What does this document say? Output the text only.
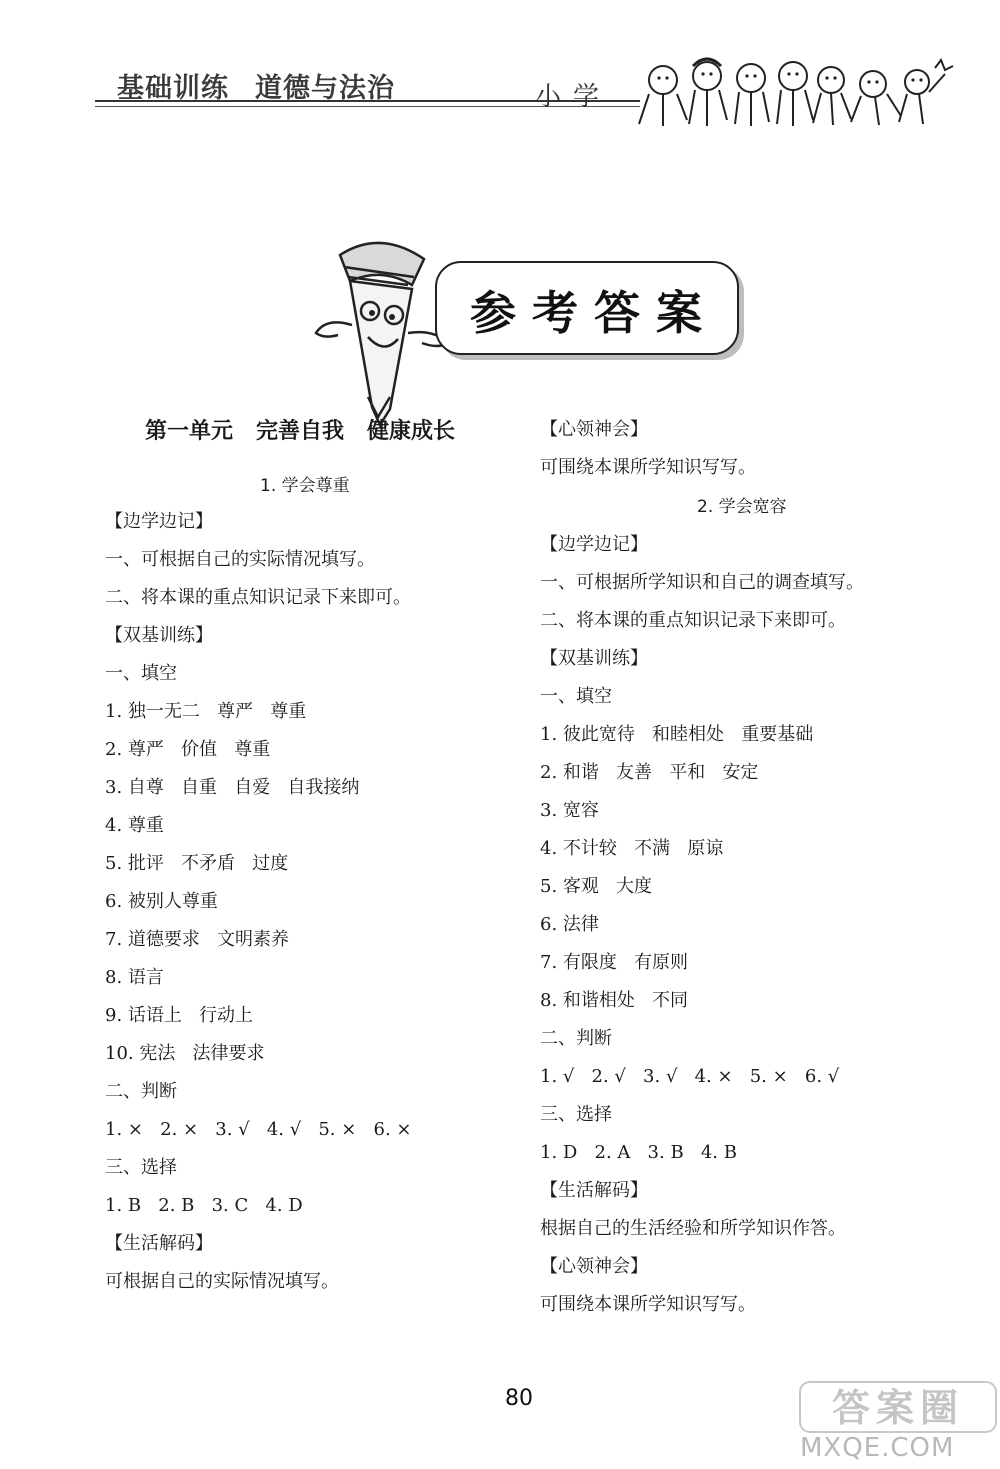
基础训练 道德与法治	小学
参考答案
第一单元   完善自我   健康成长
1. 学会尊重
【边学边记】
一、可根据自己的实际情况填写。
二、将本课的重点知识记录下来即可。
【双基训练】
一、填空
1. 独一无二   尊严   尊重
2. 尊严   价值   尊重
3. 自尊   自重   自爱   自我接纳
4. 尊重
5. 批评   不矛盾   过度
6. 被别人尊重
7. 道德要求   文明素养
8. 语言
9. 话语上   行动上
10. 宪法   法律要求
二、判断
1. ×   2. ×   3. √   4. √   5. ×   6. ×
三、选择
1. B   2. B   3. C   4. D
【生活解码】
可根据自己的实际情况填写。
【心领神会】
可围绕本课所学知识写写。
2. 学会宽容
【边学边记】
一、可根据所学知识和自己的调查填写。
二、将本课的重点知识记录下来即可。
【双基训练】
一、填空
1. 彼此宽待   和睦相处   重要基础
2. 和谐   友善   平和   安定
3. 宽容
4. 不计较   不满   原谅
5. 客观   大度
6. 法律
7. 有限度   有原则
8. 和谐相处   不同
二、判断
1. √   2. √   3. √   4. ×   5. ×   6. √
三、选择
1. D   2. A   3. B   4. B
【生活解码】
根据自己的生活经验和所学知识作答。
【心领神会】
可围绕本课所学知识写写。
80	答案圈
MXQE.COM
